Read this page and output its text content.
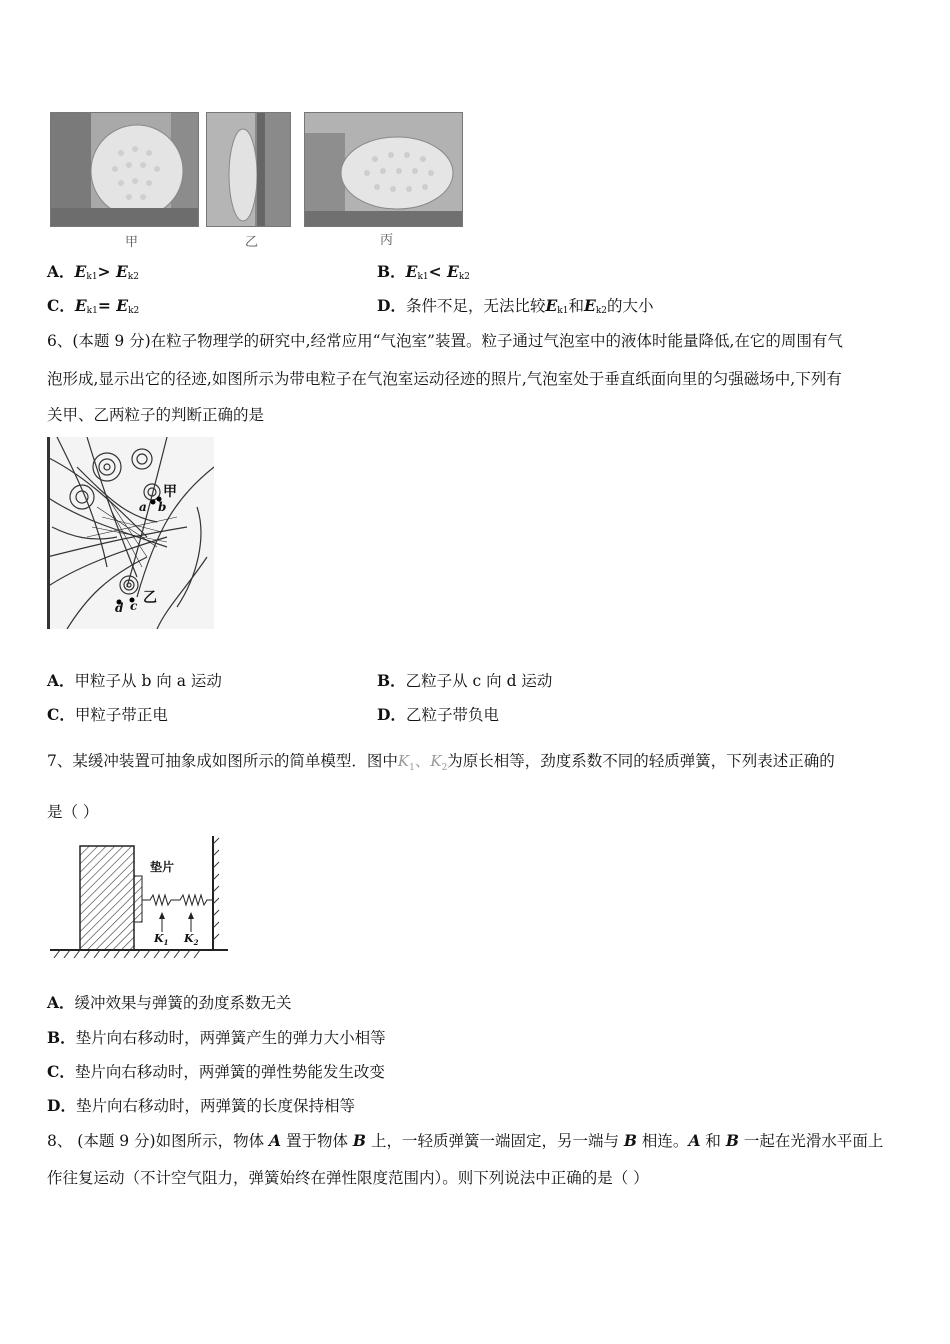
甲	乙	丙
A．$E_{k1}> E_{k2}$	B．$E_{k1}< E_{k2}$
C．$E_{k1}= E_{k2}$	D．条件不足，无法比较$E_{k1}$和$E_{k2}$的大小
6、(本题 9 分)在粒子物理学的研究中,经常应用“气泡室”装置。粒子通过气泡室中的液体时能量降低,在它的周围有气
泡形成,显示出它的径迹,如图所示为带电粒子在气泡室运动径迹的照片,气泡室处于垂直纸面向里的匀强磁场中,下列有
关甲、乙两粒子的判断正确的是
甲
a b
乙
c
d
A．甲粒子从 b 向 a 运动	B．乙粒子从 c 向 d 运动
C．甲粒子带正电	D．乙粒子带负电
7、某缓冲装置可抽象成如图所示的简单模型．图中$K_1$、$K_2$为原长相等，劲度系数不同的轻质弹簧，下列表述正确的
是（ ）
垫片
$K_1$ $K_2$
A．缓冲效果与弹簧的劲度系数无关
B．垫片向右移动时，两弹簧产生的弹力大小相等
C．垫片向右移动时，两弹簧的弹性势能发生改变
D．垫片向右移动时，两弹簧的长度保持相等
8、 (本题 9 分)如图所示，物体 A 置于物体 B 上，一轻质弹簧一端固定，另一端与 B 相连。A 和 B 一起在光滑水平面上
作往复运动（不计空气阻力，弹簧始终在弹性限度范围内）。则下列说法中正确的是（ ）
